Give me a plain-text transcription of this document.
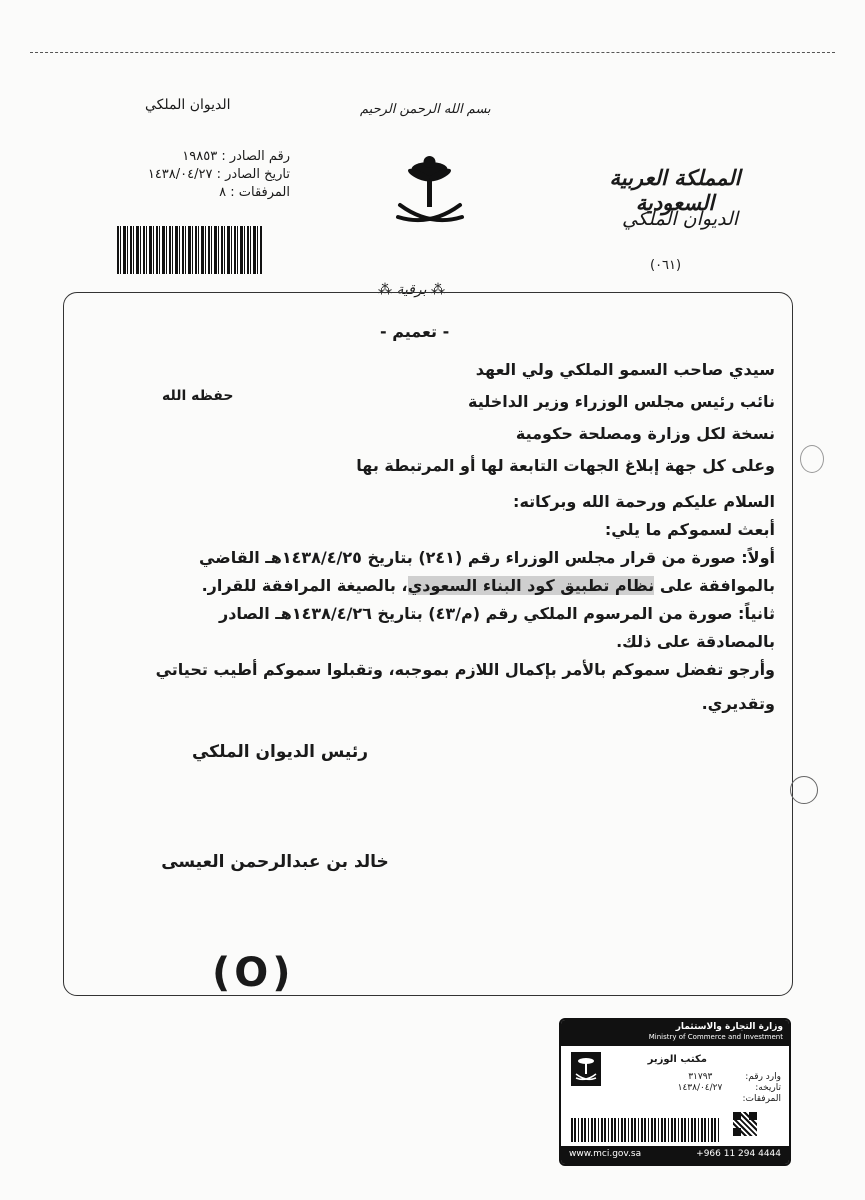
الديوان الملكي
رقم الصادر : ١٩٨٥٣
تاريخ الصادر : ١٤٣٨/٠٤/٢٧
المرفقات : ٨
بسم الله الرحمن الرحيم
المملكة العربية السعودية
الديوان الملكي
(٠٦١)
⁂ برقية ⁂
- تعميم -
سيدي صاحب السمو الملكي ولي العهد
نائب رئيس مجلس الوزراء وزير الداخلية
نسخة لكل وزارة ومصلحة حكومية
وعلى كل جهة إبلاغ الجهات التابعة لها أو المرتبطة بها
حفظه الله
السلام عليكم ورحمة الله وبركاته:
أبعث لسموكم ما يلي:
أولاً: صورة من قرار مجلس الوزراء رقم (٢٤١) بتاريخ ١٤٣٨/٤/٢٥هـ القاضي
بالموافقة على نظام تطبيق كود البناء السعودي، بالصيغة المرافقة للقرار.
ثانياً: صورة من المرسوم الملكي رقم (م/٤٣) بتاريخ ١٤٣٨/٤/٢٦هـ الصادر
بالمصادقة على ذلك.
وأرجو تفضل سموكم بالأمر بإكمال اللازم بموجبه، وتقبلوا سموكم أطيب تحياتي
وتقديري.
رئيس الديوان الملكي
خالد بن عبدالرحمن العيسى
(O)
وزارة التجارة والاستثمار
Ministry of Commerce and Investment
مكتب الوزير
وارد رقم: ٣١٧٩٣
تاريخه: ١٤٣٨/٠٤/٢٧
المرفقات:
www.mci.gov.sa	+966 11 294 4444
